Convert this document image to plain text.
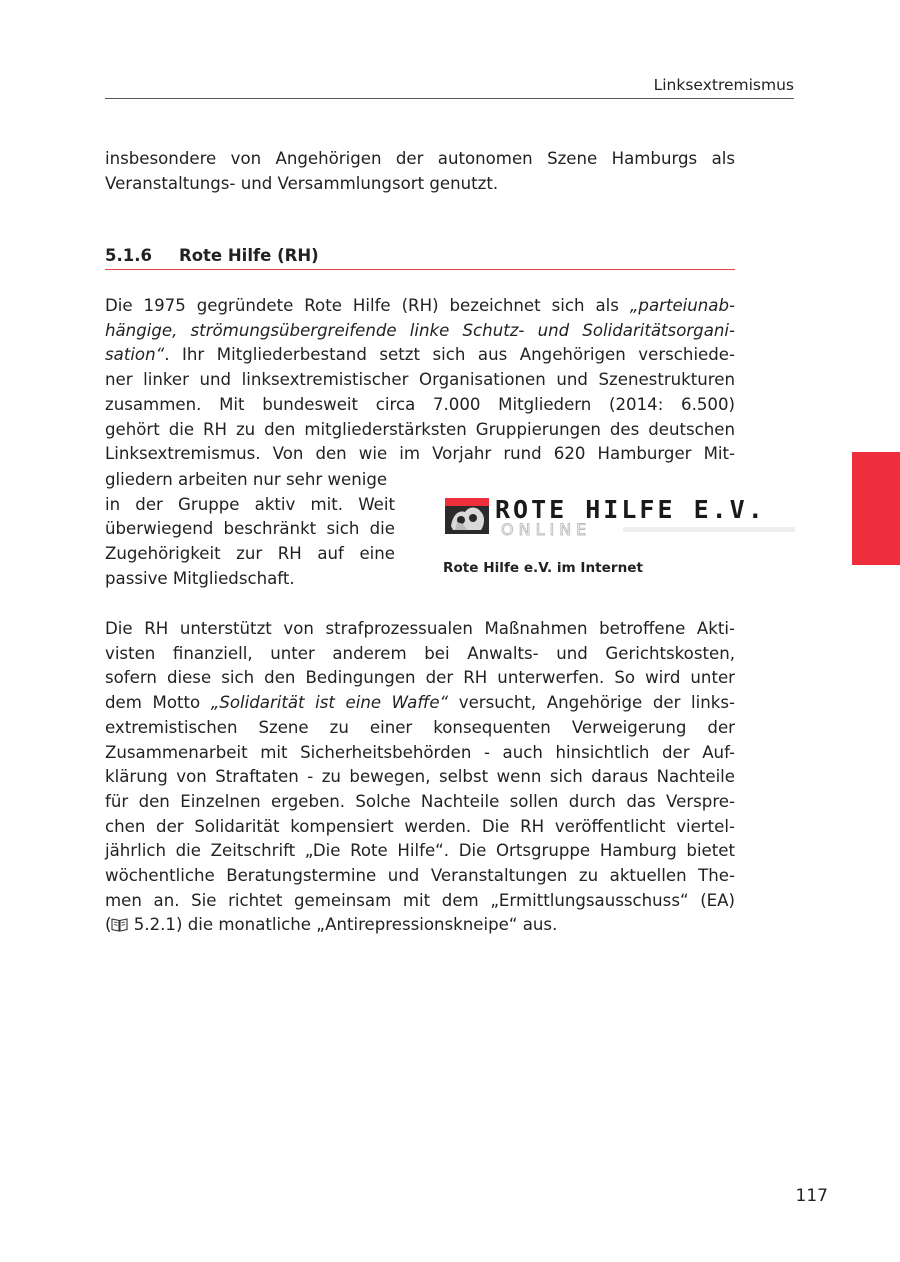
Linksextremismus

insbesondere von Angehörigen der autonomen Szene Hamburgs als
Veranstaltungs- und Versammlungsort genutzt.

5.1.6 Rote Hilfe (RH)

Die 1975 gegründete Rote Hilfe (RH) bezeichnet sich als „parteiunab-
hängige, strömungsübergreifende linke Schutz- und Solidaritätsorgani-
sation“. Ihr Mitgliederbestand setzt sich aus Angehörigen verschiede-
ner linker und linksextremistischer Organisationen und Szenestrukturen
zusammen. Mit bundesweit circa 7.000 Mitgliedern (2014: 6.500)
gehört die RH zu den mitgliederstärksten Gruppierungen des deutschen
Linksextremismus. Von den wie im Vorjahr rund 620 Hamburger Mit-

gliedern arbeiten nur sehr wenige
in der Gruppe aktiv mit. Weit
überwiegend beschränkt sich die
Zugehörigkeit zur RH auf eine
passive Mitgliedschaft.

ROTE HILFE E.V.
ONLINE

Rote Hilfe e.V. im Internet

Die RH unterstützt von strafprozessualen Maßnahmen betroffene Akti-
visten finanziell, unter anderem bei Anwalts- und Gerichtskosten,
sofern diese sich den Bedingungen der RH unterwerfen. So wird unter
dem Motto „Solidarität ist eine Waffe“ versucht, Angehörige der links-
extremistischen Szene zu einer konsequenten Verweigerung der
Zusammenarbeit mit Sicherheitsbehörden - auch hinsichtlich der Auf-
klärung von Straftaten - zu bewegen, selbst wenn sich daraus Nachteile
für den Einzelnen ergeben. Solche Nachteile sollen durch das Verspre-
chen der Solidarität kompensiert werden. Die RH veröffentlicht viertel-
jährlich die Zeitschrift „Die Rote Hilfe“. Die Ortsgruppe Hamburg bietet
wöchentliche Beratungstermine und Veranstaltungen zu aktuellen The-
men an. Sie richtet gemeinsam mit dem „Ermittlungsausschuss“ (EA)
( 5.2.1) die monatliche „Antirepressionskneipe“ aus.

117
